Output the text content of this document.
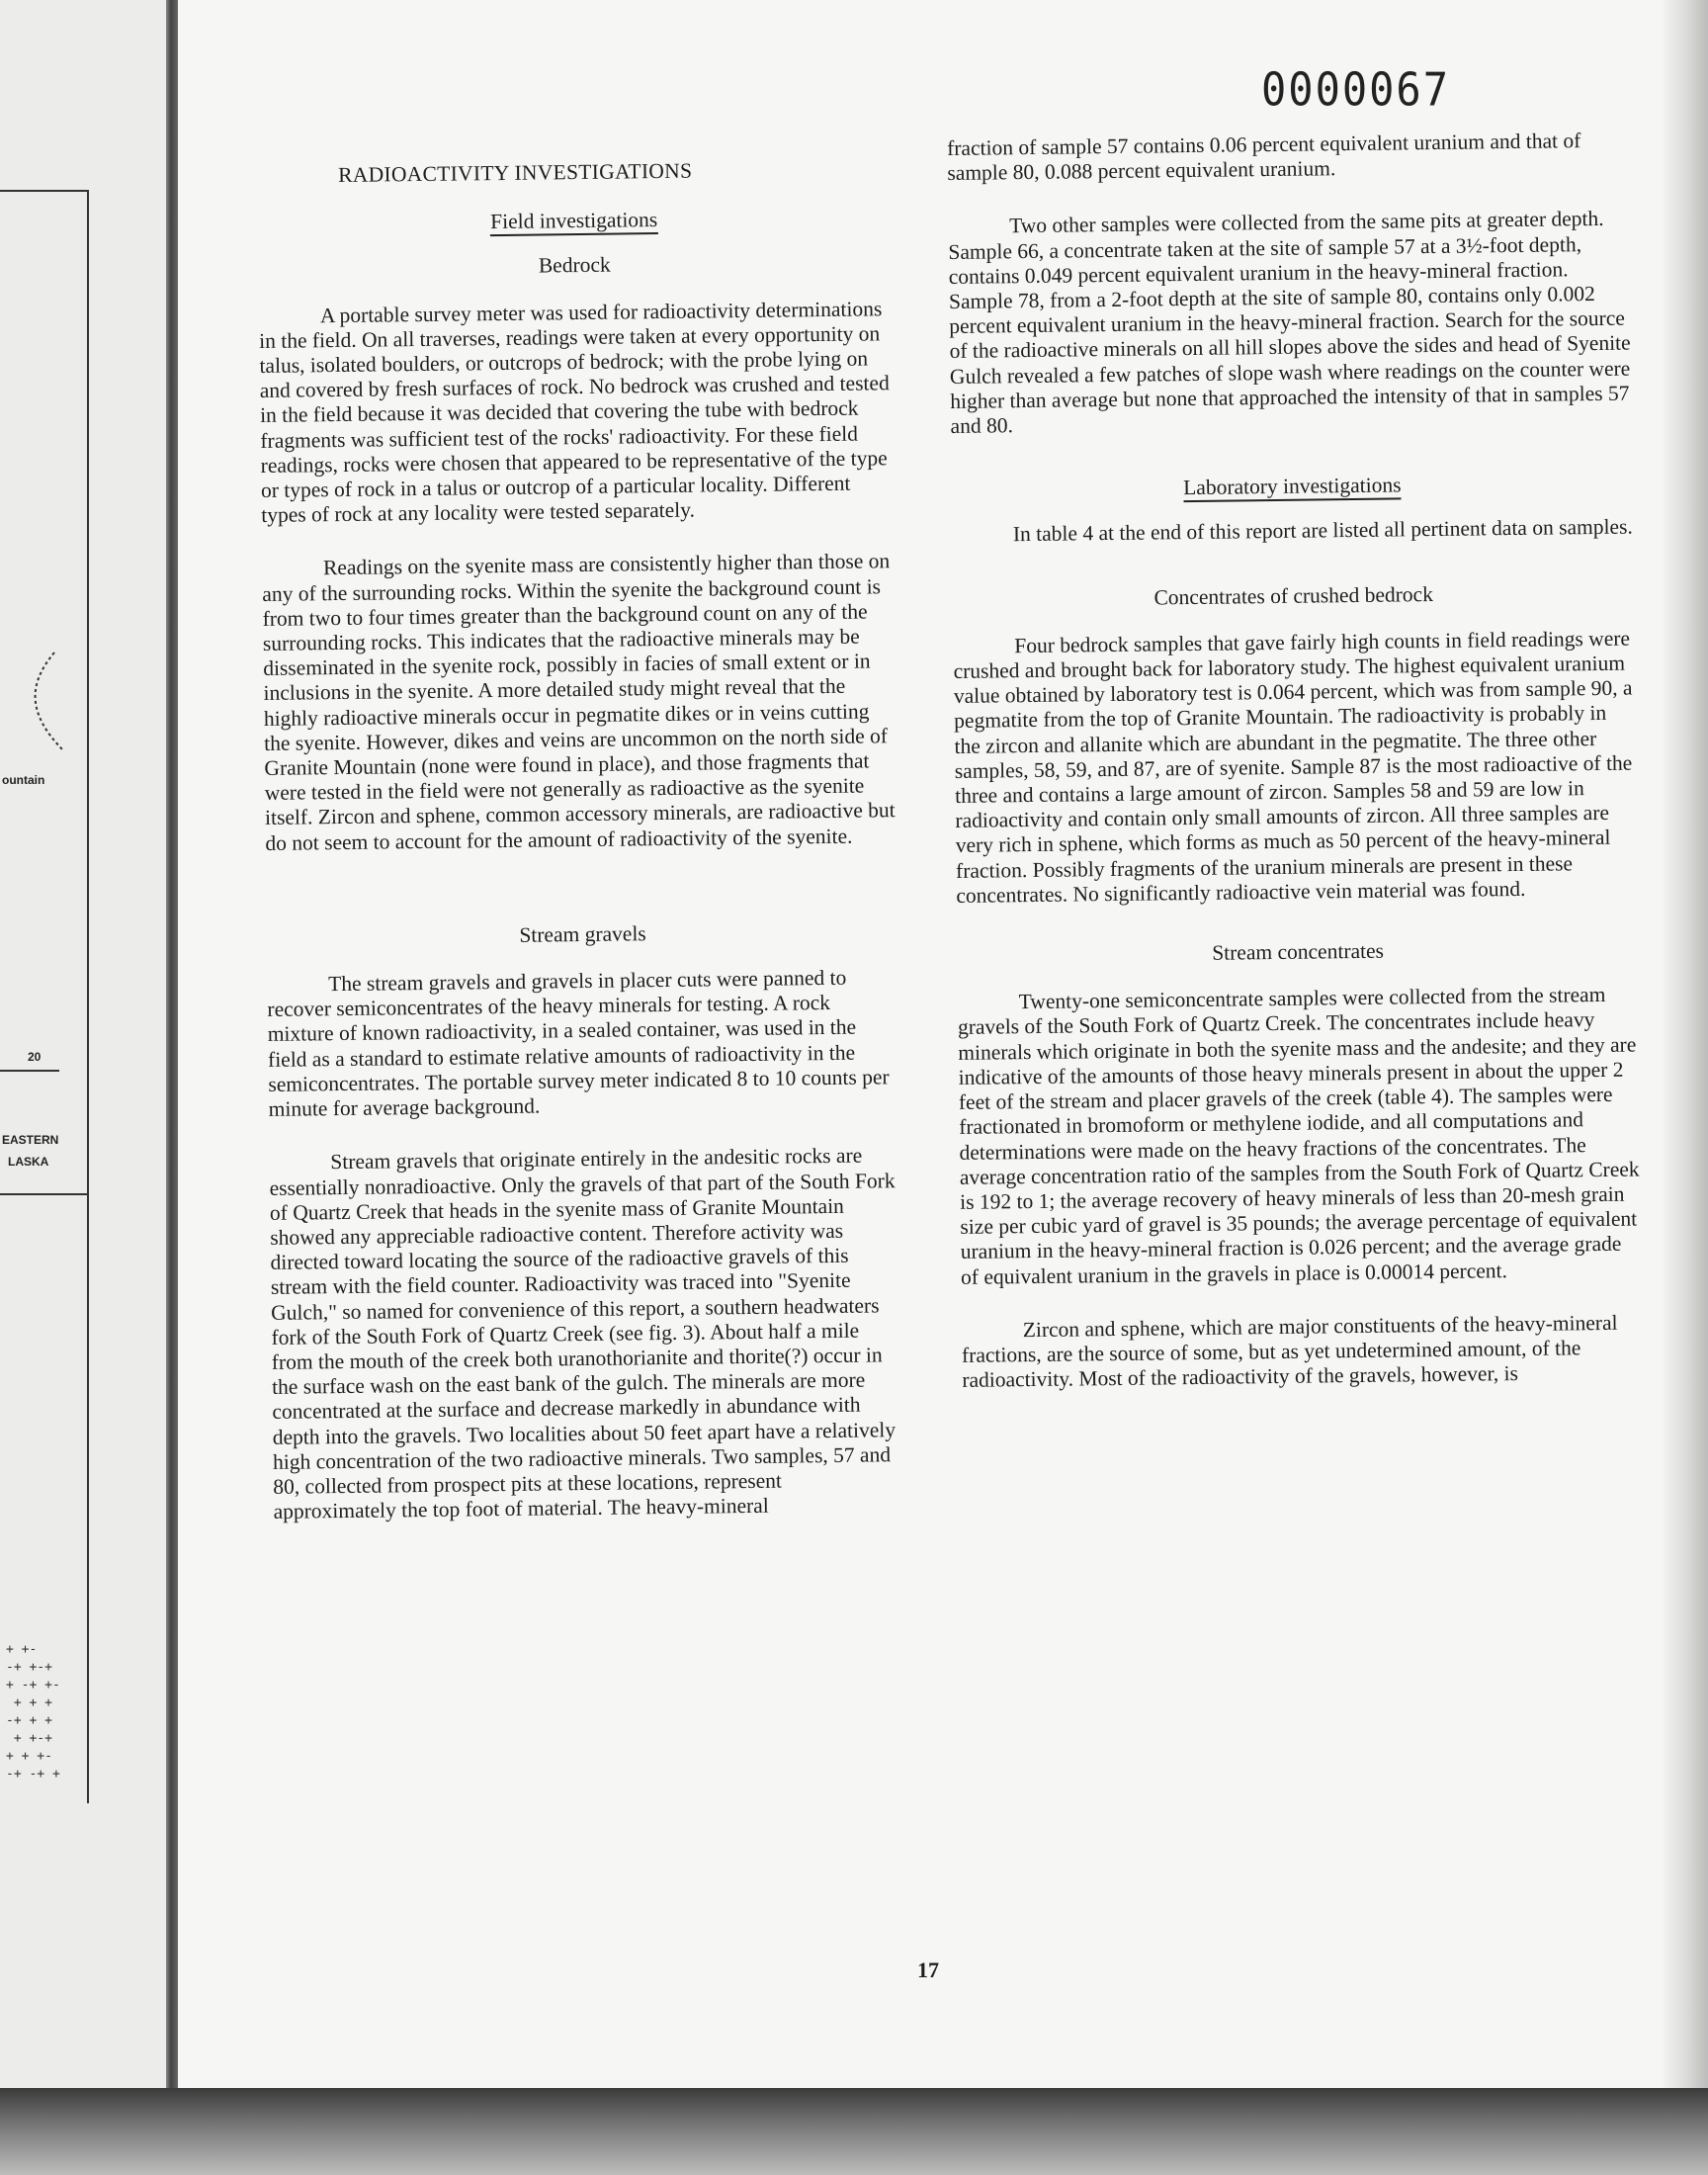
ountain
20
EASTERN
LASKA
+ +-
-+ +-+
+ -+ +-
+ + +
-+ + +
+ +-+
+ + +-
-+ -+ +
0000067
RADIOACTIVITY INVESTIGATIONS
Field investigations
Bedrock

A portable survey meter was used for radioactivity determinations in the field. On all traverses, readings were taken at every opportunity on talus, isolated boulders, or outcrops of bedrock; with the probe lying on and covered by fresh surfaces of rock. No bedrock was crushed and tested in the field because it was decided that covering the tube with bedrock fragments was sufficient test of the rocks' radioactivity. For these field readings, rocks were chosen that appeared to be representative of the type or types of rock in a talus or outcrop of a particular locality. Different types of rock at any locality were tested separately.

Readings on the syenite mass are consistently higher than those on any of the surrounding rocks. Within the syenite the background count is from two to four times greater than the background count on any of the surrounding rocks. This indicates that the radioactive minerals may be disseminated in the syenite rock, possibly in facies of small extent or in inclusions in the syenite. A more detailed study might reveal that the highly radioactive minerals occur in pegmatite dikes or in veins cutting the syenite. However, dikes and veins are uncommon on the north side of Granite Mountain (none were found in place), and those fragments that were tested in the field were not generally as radioactive as the syenite itself. Zircon and sphene, common accessory minerals, are radioactive but do not seem to account for the amount of radioactivity of the syenite.

Stream gravels

The stream gravels and gravels in placer cuts were panned to recover semiconcentrates of the heavy minerals for testing. A rock mixture of known radioactivity, in a sealed container, was used in the field as a standard to estimate relative amounts of radioactivity in the semiconcentrates. The portable survey meter indicated 8 to 10 counts per minute for average background.

Stream gravels that originate entirely in the andesitic rocks are essentially nonradioactive. Only the gravels of that part of the South Fork of Quartz Creek that heads in the syenite mass of Granite Mountain showed any appreciable radioactive content. Therefore activity was directed toward locating the source of the radioactive gravels of this stream with the field counter. Radioactivity was traced into "Syenite Gulch," so named for convenience of this report, a southern headwaters fork of the South Fork of Quartz Creek (see fig. 3). About half a mile from the mouth of the creek both uranothorianite and thorite(?) occur in the surface wash on the east bank of the gulch. The minerals are more concentrated at the surface and decrease markedly in abundance with depth into the gravels. Two localities about 50 feet apart have a relatively high concentration of the two radioactive minerals. Two samples, 57 and 80, collected from prospect pits at these locations, represent approximately the top foot of material. The heavy-mineral

fraction of sample 57 contains 0.06 percent equivalent uranium and that of sample 80, 0.088 percent equivalent uranium.

Two other samples were collected from the same pits at greater depth. Sample 66, a concentrate taken at the site of sample 57 at a 3½-foot depth, contains 0.049 percent equivalent uranium in the heavy-mineral fraction. Sample 78, from a 2-foot depth at the site of sample 80, contains only 0.002 percent equivalent uranium in the heavy-mineral fraction. Search for the source of the radioactive minerals on all hill slopes above the sides and head of Syenite Gulch revealed a few patches of slope wash where readings on the counter were higher than average but none that approached the intensity of that in samples 57 and 80.

Laboratory investigations

In table 4 at the end of this report are listed all pertinent data on samples.

Concentrates of crushed bedrock

Four bedrock samples that gave fairly high counts in field readings were crushed and brought back for laboratory study. The highest equivalent uranium value obtained by laboratory test is 0.064 percent, which was from sample 90, a pegmatite from the top of Granite Mountain. The radioactivity is probably in the zircon and allanite which are abundant in the pegmatite. The three other samples, 58, 59, and 87, are of syenite. Sample 87 is the most radioactive of the three and contains a large amount of zircon. Samples 58 and 59 are low in radioactivity and contain only small amounts of zircon. All three samples are very rich in sphene, which forms as much as 50 percent of the heavy-mineral fraction. Possibly fragments of the uranium minerals are present in these concentrates. No significantly radioactive vein material was found.

Stream concentrates

Twenty-one semiconcentrate samples were collected from the stream gravels of the South Fork of Quartz Creek. The concentrates include heavy minerals which originate in both the syenite mass and the andesite; and they are indicative of the amounts of those heavy minerals present in about the upper 2 feet of the stream and placer gravels of the creek (table 4). The samples were fractionated in bromoform or methylene iodide, and all computations and determinations were made on the heavy fractions of the concentrates. The average concentration ratio of the samples from the South Fork of Quartz Creek is 192 to 1; the average recovery of heavy minerals of less than 20-mesh grain size per cubic yard of gravel is 35 pounds; the average percentage of equivalent uranium in the heavy-mineral fraction is 0.026 percent; and the average grade of equivalent uranium in the gravels in place is 0.00014 percent.

Zircon and sphene, which are major constituents of the heavy-mineral fractions, are the source of some, but as yet undetermined amount, of the radioactivity. Most of the radioactivity of the gravels, however, is

17
